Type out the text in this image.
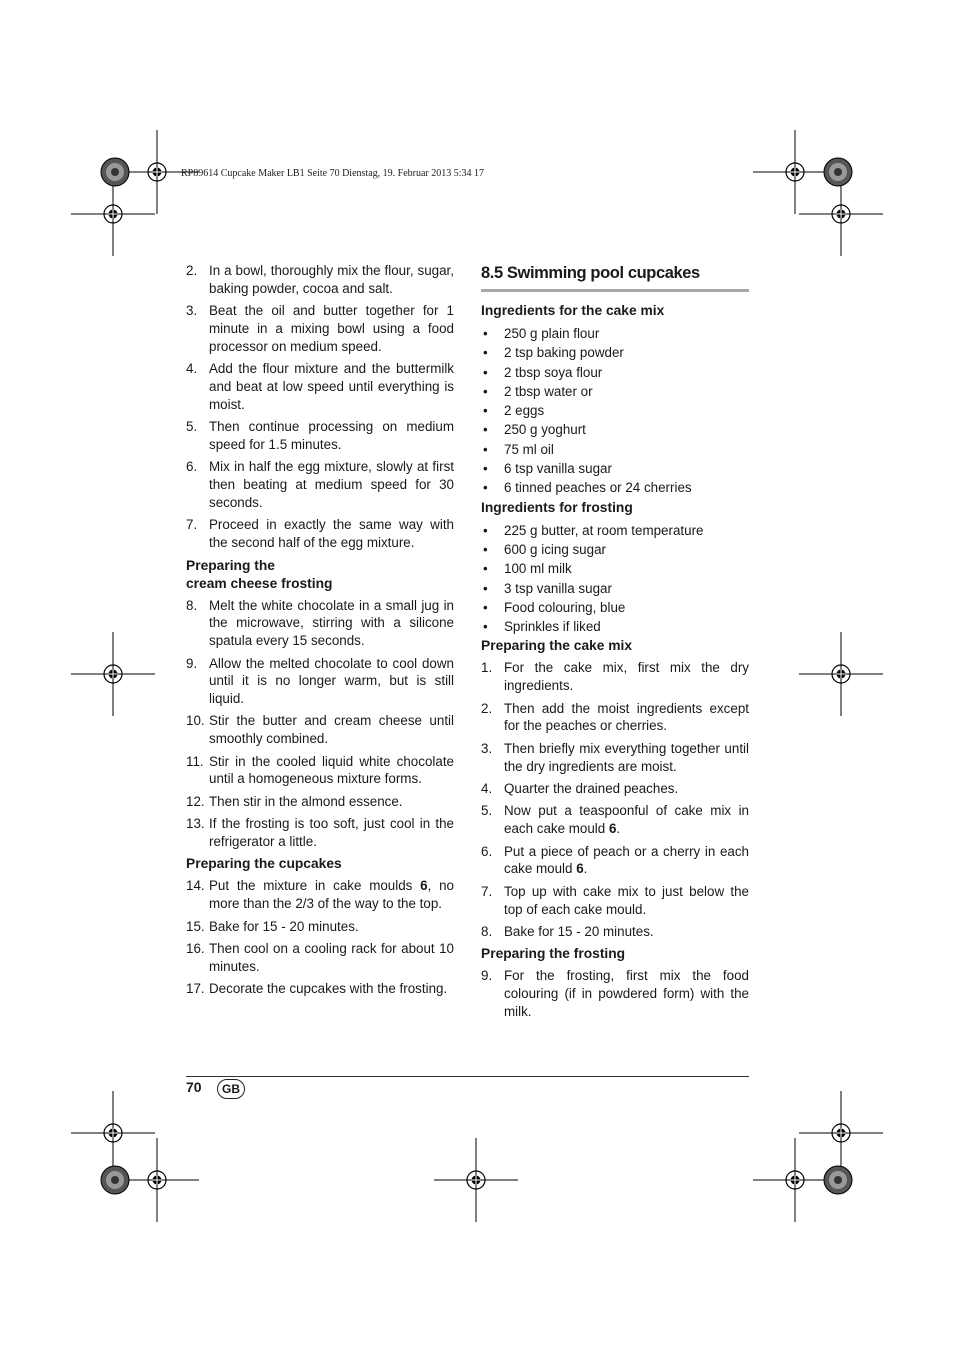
RP89614 Cupcake Maker LB1 Seite 70 Dienstag, 19. Februar 2013 5:34 17
2. In a bowl, thoroughly mix the flour, sugar, baking powder, cocoa and salt.
3. Beat the oil and butter together for 1 minute in a mixing bowl using a food processor on medium speed.
4. Add the flour mixture and the buttermilk and beat at low speed until everything is moist.
5. Then continue processing on medium speed for 1.5 minutes.
6. Mix in half the egg mixture, slowly at first then beating at medium speed for 30 seconds.
7. Proceed in exactly the same way with the second half of the egg mixture.
Preparing the
cream cheese frosting
8. Melt the white chocolate in a small jug in the microwave, stirring with a silicone spatula every 15 seconds.
9. Allow the melted chocolate to cool down until it is no longer warm, but is still liquid.
10. Stir the butter and cream cheese until smoothly combined.
11. Stir in the cooled liquid white chocolate until a homogeneous mixture forms.
12. Then stir in the almond essence.
13. If the frosting is too soft, just cool in the refrigerator a little.
Preparing the cupcakes
14. Put the mixture in cake moulds 6, no more than the 2/3 of the way to the top.
15. Bake for 15 - 20 minutes.
16. Then cool on a cooling rack for about 10 minutes.
17. Decorate the cupcakes with the frosting.
8.5 Swimming pool cupcakes
Ingredients for the cake mix
• 250 g plain flour
• 2 tsp baking powder
• 2 tbsp soya flour
• 2 tbsp water or
• 2 eggs
• 250 g yoghurt
• 75 ml oil
• 6 tsp vanilla sugar
• 6 tinned peaches or 24 cherries
Ingredients for frosting
• 225 g butter, at room temperature
• 600 g icing sugar
• 100 ml milk
• 3 tsp vanilla sugar
• Food colouring, blue
• Sprinkles if liked
Preparing the cake mix
1. For the cake mix, first mix the dry ingredients.
2. Then add the moist ingredients except for the peaches or cherries.
3. Then briefly mix everything together until the dry ingredients are moist.
4. Quarter the drained peaches.
5. Now put a teaspoonful of cake mix in each cake mould 6.
6. Put a piece of peach or a cherry in each cake mould 6.
7. Top up with cake mix to just below the top of each cake mould.
8. Bake for 15 - 20 minutes.
Preparing the frosting
9. For the frosting, first mix the food colouring (if in powdered form) with the milk.
70	GB
